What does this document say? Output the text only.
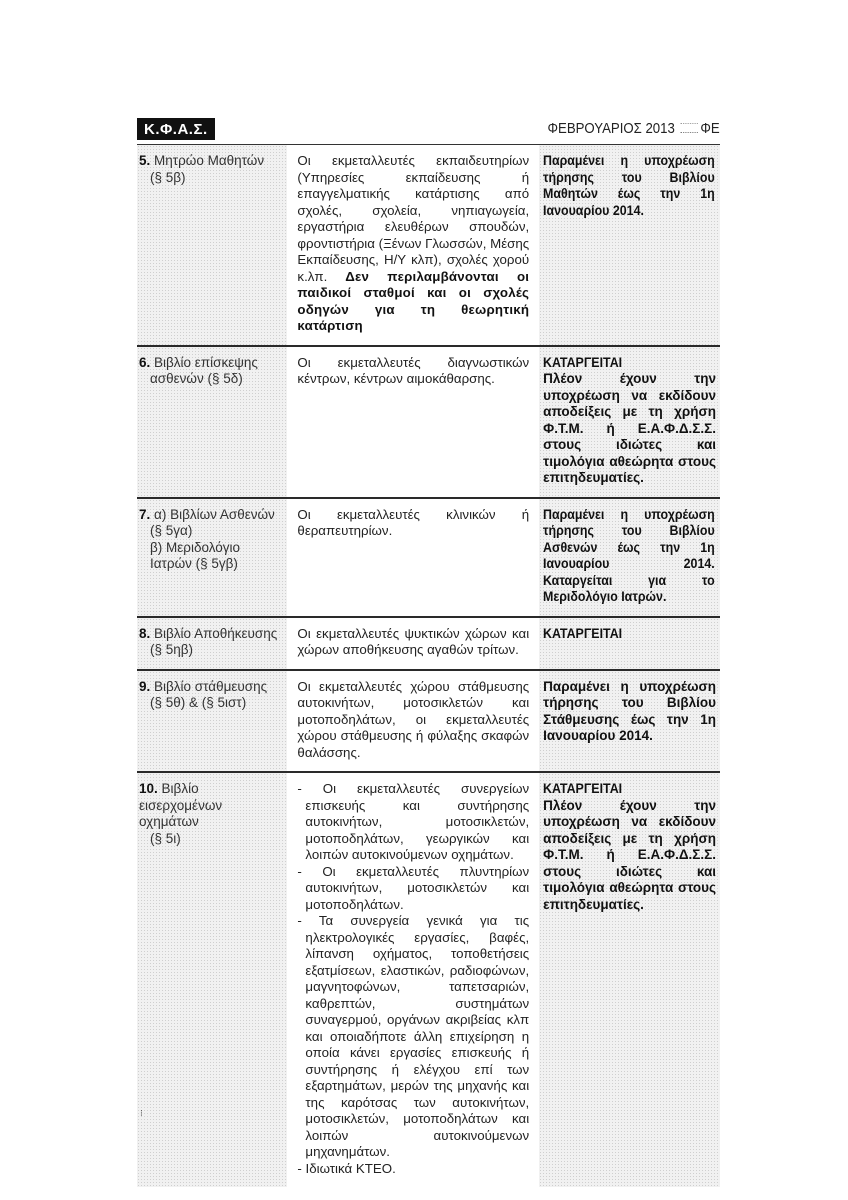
Κ.Φ.Α.Σ.	ΦΕΒΡΟΥΑΡΙΟΣ 2013 ΦΕ
5. Μητρώο Μαθητών
(§ 5β)
Οι εκμεταλλευτές εκπαιδευτηρίων (Υπηρεσίες εκπαίδευσης ή επαγγελματικής κατάρτισης από σχολές, σχολεία, νηπιαγωγεία, εργαστήρια ελευθέρων σπουδών, φροντιστήρια (Ξένων Γλωσσών, Μέσης Εκπαίδευσης, Η/Υ κλπ), σχολές χορού κ.λπ. Δεν περιλαμβάνονται οι παιδικοί σταθμοί και οι σχολές οδηγών για τη θεωρητική κατάρτιση
Παραμένει η υποχρέωση τήρησης του Βιβλίου Μαθητών έως την 1η Ιανουαρίου 2014.
6. Βιβλίο επίσκεψης
ασθενών (§ 5δ)
Οι εκμεταλλευτές διαγνωστικών κέντρων, κέντρων αιμοκάθαρσης.
ΚΑΤΑΡΓΕΙΤΑΙ
Πλέον έχουν την υποχρέωση να εκδίδουν αποδείξεις με τη χρήση Φ.Τ.Μ. ή Ε.Α.Φ.Δ.Σ.Σ. στους ιδιώτες και τιμολόγια αθεώρητα στους επιτηδευματίες.
7. α) Βιβλίων Ασθενών
(§ 5γα)
β) Μεριδολόγιο
Ιατρών (§ 5γβ)
Οι εκμεταλλευτές κλινικών ή θεραπευτηρίων.
Παραμένει η υποχρέωση τήρησης του Βιβλίου Ασθενών έως την 1η Ιανουαρίου 2014. Καταργείται για το Μεριδολόγιο Ιατρών.
8. Βιβλίο Αποθήκευσης
(§ 5ηβ)
Οι εκμεταλλευτές ψυκτικών χώρων και χώρων αποθήκευσης αγαθών τρίτων.
ΚΑΤΑΡΓΕΙΤΑΙ
9. Βιβλίο στάθμευσης
(§ 5θ) & (§ 5ιστ)
Οι εκμεταλλευτές χώρου στάθμευσης αυτοκινήτων, μοτοσικλετών και μοτοποδηλάτων, οι εκμεταλλευτές χώρου στάθμευσης ή φύλαξης σκαφών θαλάσσης.
Παραμένει η υποχρέωση τήρησης του Βιβλίου Στάθμευσης έως την 1η Ιανουαρίου 2014.
10. Βιβλίο εισερχομένων οχημάτων
(§ 5ι)
- Οι εκμεταλλευτές συνεργείων επισκευής και συντήρησης αυτοκινήτων, μοτοσικλετών, μοτοποδηλάτων, γεωργικών και λοιπών αυτοκινούμενων οχημάτων.
- Οι εκμεταλλευτές πλυντηρίων αυτοκινήτων, μοτοσικλετών και μοτοποδηλάτων.
- Τα συνεργεία γενικά για τις ηλεκτρολογικές εργασίες, βαφές, λίπανση οχήματος, τοποθετήσεις εξατμίσεων, ελαστικών, ραδιοφώνων, μαγνητοφώνων, ταπετσαριών, καθρεπτών, συστημάτων συναγερμού, οργάνων ακριβείας κλπ και οποιαδήποτε άλλη επιχείρηση η οποία κάνει εργασίες επισκευής ή συντήρησης ή ελέγχου επί των εξαρτημάτων, μερών της μηχανής και της καρότσας των αυτοκινήτων, μοτοσικλετών, μοτοποδηλάτων και λοιπών αυτοκινούμενων μηχανημάτων.
- Ιδιωτικά ΚΤΕΟ.
ΚΑΤΑΡΓΕΙΤΑΙ
Πλέον έχουν την υποχρέωση να εκδίδουν αποδείξεις με τη χρήση Φ.Τ.Μ. ή Ε.Α.Φ.Δ.Σ.Σ. στους ιδιώτες και τιμολόγια αθεώρητα στους επιτηδευματίες.
⁝
